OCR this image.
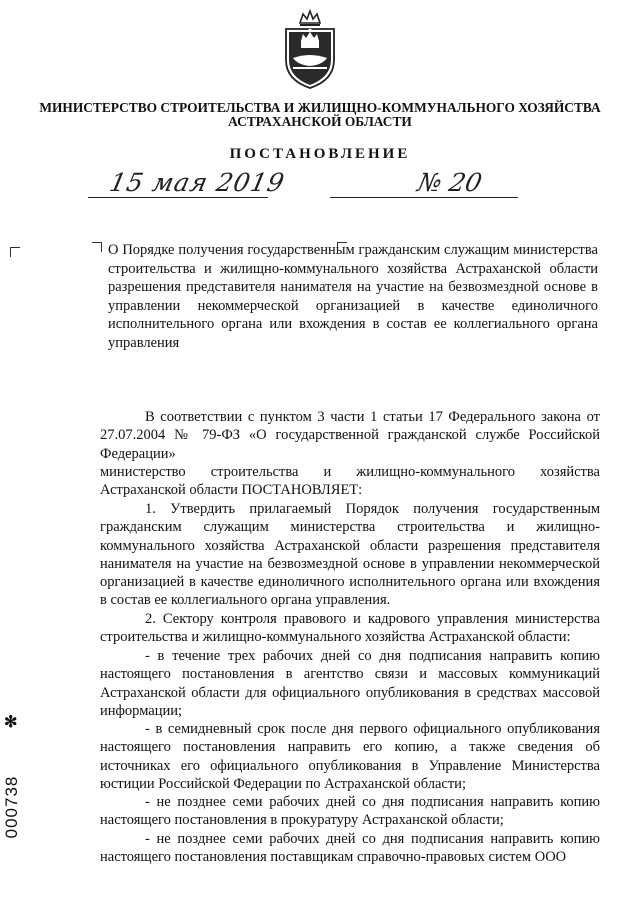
МИНИСТЕРСТВО СТРОИТЕЛЬСТВА И ЖИЛИЩНО-КОММУНАЛЬНОГО ХОЗЯЙСТВА
АСТРАХАНСКОЙ ОБЛАСТИ
ПОСТАНОВЛЕНИЕ
15 мая 2019	№ 20
О Порядке получения государственным гражданским служащим министерства строительства и жилищно-коммунального хозяйства Астраханской области разрешения представителя нанимателя на участие на безвозмездной основе в управлении некоммерческой организацией в качестве единоличного исполнительного органа или вхождения в состав ее коллегиального органа управления
В соответствии с пунктом 3 части 1 статьи 17 Федерального закона от 27.07.2004 № 79-ФЗ «О государственной гражданской службе Российской Федерации»
министерство строительства и жилищно-коммунального хозяйства Астраханской области ПОСТАНОВЛЯЕТ:
1. Утвердить прилагаемый Порядок получения государственным гражданским служащим министерства строительства и жилищно-коммунального хозяйства Астраханской области разрешения представителя нанимателя на участие на безвозмездной основе в управлении некоммерческой организацией в качестве единоличного исполнительного органа или вхождения в состав ее коллегиального органа управления.
2. Сектору контроля правового и кадрового управления министерства строительства и жилищно-коммунального хозяйства Астраханской области:
- в течение трех рабочих дней со дня подписания направить копию настоящего постановления в агентство связи и массовых коммуникаций Астраханской области для официального опубликования в средствах массовой информации;
- в семидневный срок после дня первого официального опубликования настоящего постановления направить его копию, а также сведения об источниках его официального опубликования в Управление Министерства юстиции Российской Федерации по Астраханской области;
- не позднее семи рабочих дней со дня подписания направить копию настоящего постановления в прокуратуру Астраханской области;
- не позднее семи рабочих дней со дня подписания направить копию настоящего постановления поставщикам справочно-правовых систем ООО
✻
000738
